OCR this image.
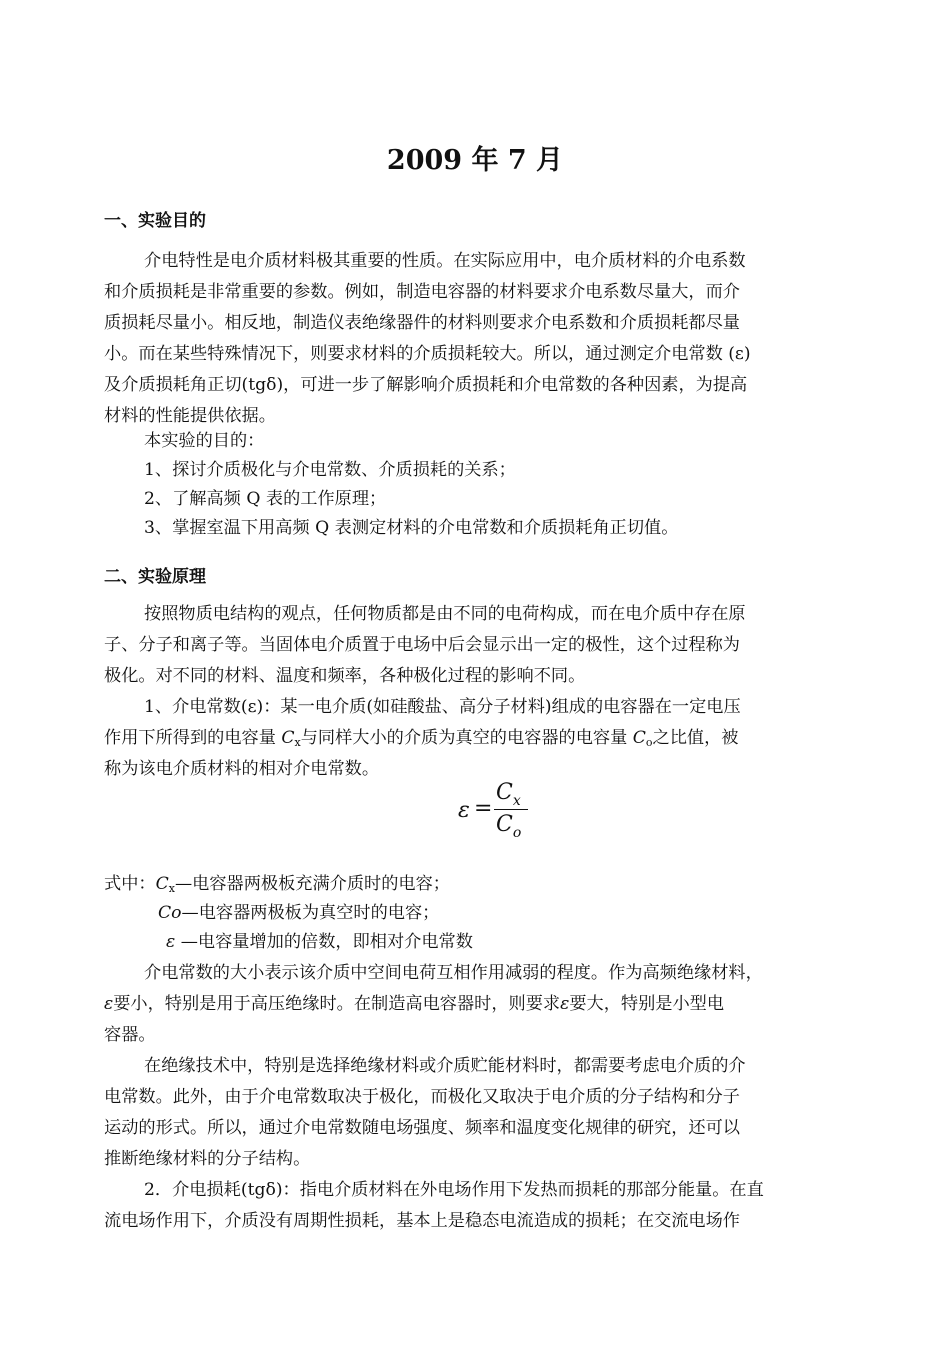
2009 年 7 月
一、实验目的
介电特性是电介质材料极其重要的性质。在实际应用中，电介质材料的介电系数
和介质损耗是非常重要的参数。例如，制造电容器的材料要求介电系数尽量大，而介
质损耗尽量小。相反地，制造仪表绝缘器件的材料则要求介电系数和介质损耗都尽量
小。而在某些特殊情况下，则要求材料的介质损耗较大。所以，通过测定介电常数 (ε)
及介质损耗角正切(tgδ)，可进一步了解影响介质损耗和介电常数的各种因素，为提高
材料的性能提供依据。
本实验的目的：
1、探讨介质极化与介电常数、介质损耗的关系；
2、了解高频 Q 表的工作原理；
3、掌握室温下用高频 Q 表测定材料的介电常数和介质损耗角正切值。
二、实验原理
按照物质电结构的观点，任何物质都是由不同的电荷构成，而在电介质中存在原
子、分子和离子等。当固体电介质置于电场中后会显示出一定的极性，这个过程称为
极化。对不同的材料、温度和频率，各种极化过程的影响不同。
1、介电常数(ε)：某一电介质(如硅酸盐、高分子材料)组成的电容器在一定电压
作用下所得到的电容量 $C_x$与同样大小的介质为真空的电容器的电容量 $C_o$之比值，被
称为该电介质材料的相对介电常数。
ε =
$C_x$
$C_o$
式中：$C_x—$电容器两极板充满介质时的电容；
Co—电容器两极板为真空时的电容；
ε —电容量增加的倍数，即相对介电常数
介电常数的大小表示该介质中空间电荷互相作用减弱的程度。作为高频绝缘材料，
ε要小，特别是用于高压绝缘时。在制造高电容器时，则要求ε要大，特别是小型电
容器。
在绝缘技术中，特别是选择绝缘材料或介质贮能材料时，都需要考虑电介质的介
电常数。此外，由于介电常数取决于极化，而极化又取决于电介质的分子结构和分子
运动的形式。所以，通过介电常数随电场强度、频率和温度变化规律的研究，还可以
推断绝缘材料的分子结构。
2．介电损耗(tgδ)：指电介质材料在外电场作用下发热而损耗的那部分能量。在直
流电场作用下，介质没有周期性损耗，基本上是稳态电流造成的损耗；在交流电场作
